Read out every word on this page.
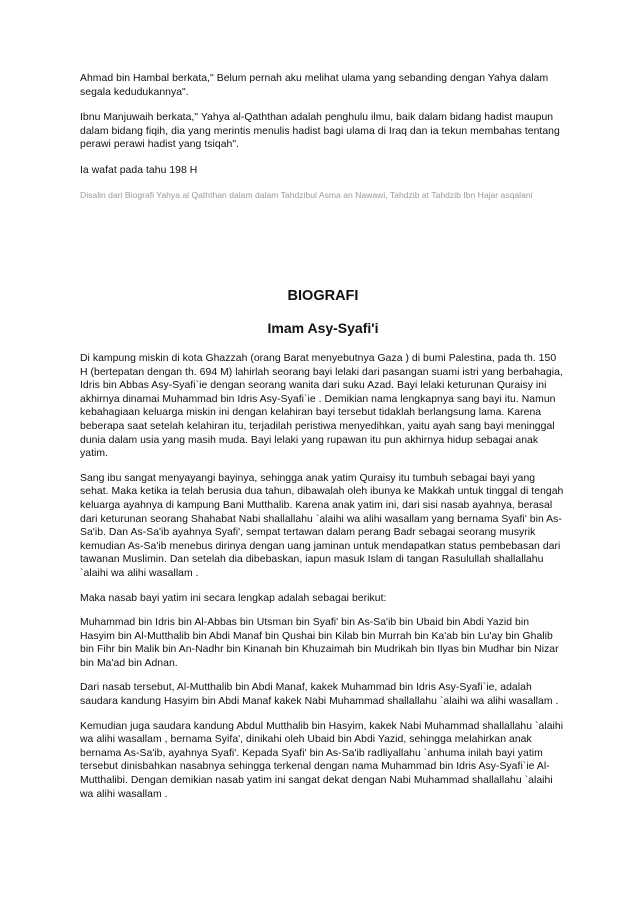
Ahmad bin Hambal berkata," Belum pernah aku melihat ulama yang sebanding dengan Yahya dalam segala kedudukannya".

Ibnu Manjuwaih berkata," Yahya al-Qaththan adalah penghulu ilmu, baik dalam bidang hadist maupun dalam bidang fiqih, dia yang merintis menulis hadist bagi ulama di Iraq dan ia tekun membahas tentang perawi perawi hadist yang tsiqah".

Ia wafat pada tahu 198 H

Disalin dari Biografi Yahya al Qaththan dalam dalam Tahdzibul Asma an Nawawi, Tahdzib at Tahdzib Ibn Hajar asqalani

BIOGRAFI
Imam Asy-Syafi'i

Di kampung miskin di kota Ghazzah (orang Barat menyebutnya Gaza ) di bumi Palestina, pada th. 150 H (bertepatan dengan th. 694 M) lahirlah seorang bayi lelaki dari pasangan suami istri yang berbahagia, Idris bin Abbas Asy-Syafi`ie dengan seorang wanita dari suku Azad. Bayi lelaki keturunan Quraisy ini akhirnya dinamai Muhammad bin Idris Asy-Syafi`ie . Demikian nama lengkapnya sang bayi itu. Namun kebahagiaan keluarga miskin ini dengan kelahiran bayi tersebut tidaklah berlangsung lama. Karena beberapa saat setelah kelahiran itu, terjadilah peristiwa menyedihkan, yaitu ayah sang bayi meninggal dunia dalam usia yang masih muda. Bayi lelaki yang rupawan itu pun akhirnya hidup sebagai anak yatim.

Sang ibu sangat menyayangi bayinya, sehingga anak yatim Quraisy itu tumbuh sebagai bayi yang sehat. Maka ketika ia telah berusia dua tahun, dibawalah oleh ibunya ke Makkah untuk tinggal di tengah keluarga ayahnya di kampung Bani Mutthalib. Karena anak yatim ini, dari sisi nasab ayahnya, berasal dari keturunan seorang Shahabat Nabi shallallahu `alaihi wa alihi wasallam yang bernama Syafi' bin As-Sa'ib. Dan As-Sa'ib ayahnya Syafi', sempat tertawan dalam perang Badr sebagai seorang musyrik kemudian As-Sa'ib menebus dirinya dengan uang jaminan untuk mendapatkan status pembebasan dari tawanan Muslimin. Dan setelah dia dibebaskan, iapun masuk Islam di tangan Rasulullah shallallahu `alaihi wa alihi wasallam .

Maka nasab bayi yatim ini secara lengkap adalah sebagai berikut:

Muhammad bin Idris bin Al-Abbas bin Utsman bin Syafi' bin As-Sa'ib bin Ubaid bin Abdi Yazid bin Hasyim bin Al-Mutthalib bin Abdi Manaf bin Qushai bin Kilab bin Murrah bin Ka'ab bin Lu'ay bin Ghalib bin Fihr bin Malik bin An-Nadhr bin Kinanah bin Khuzaimah bin Mudrikah bin Ilyas bin Mudhar bin Nizar bin Ma'ad bin Adnan.

Dari nasab tersebut, Al-Mutthalib bin Abdi Manaf, kakek Muhammad bin Idris Asy-Syafi`ie, adalah saudara kandung Hasyim bin Abdi Manaf kakek Nabi Muhammad shallallahu `alaihi wa alihi wasallam .

Kemudian juga saudara kandung Abdul Mutthalib bin Hasyim, kakek Nabi Muhammad shallallahu `alaihi wa alihi wasallam , bernama Syifa', dinikahi oleh Ubaid bin Abdi Yazid, sehingga melahirkan anak bernama As-Sa'ib, ayahnya Syafi'. Kepada Syafi' bin As-Sa'ib radliyallahu `anhuma inilah bayi yatim tersebut dinisbahkan nasabnya sehingga terkenal dengan nama Muhammad bin Idris Asy-Syafi`ie Al-Mutthalibi. Dengan demikian nasab yatim ini sangat dekat dengan Nabi Muhammad shallallahu `alaihi wa alihi wasallam .
